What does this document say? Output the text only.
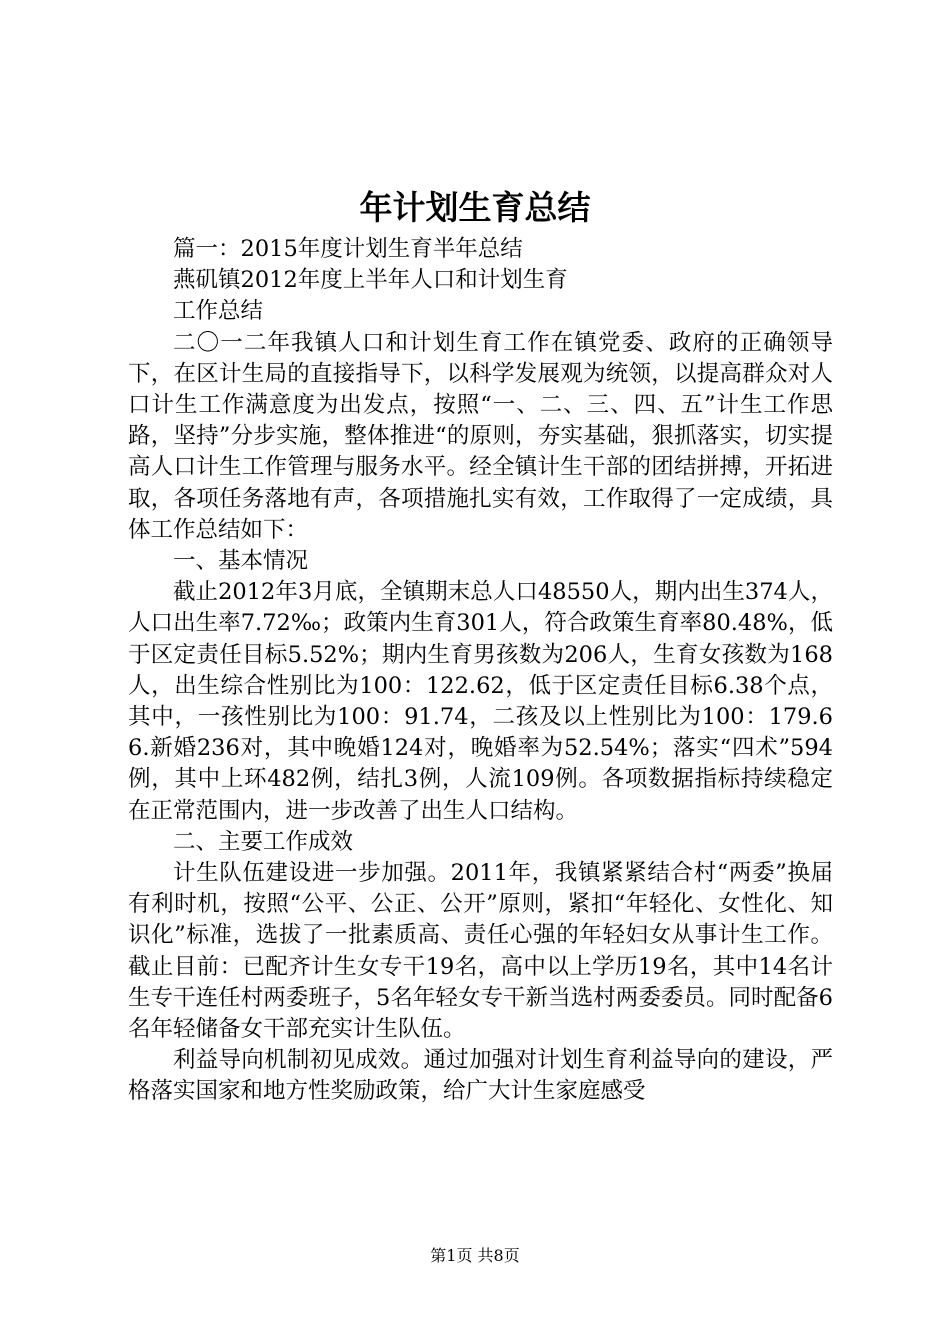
年计划生育总结

篇一：2015年度计划生育半年总结

燕矶镇2012年度上半年人口和计划生育

工作总结

二〇一二年我镇人口和计划生育工作在镇党委、政府的正确领导下，在区计生局的直接指导下，以科学发展观为统领，以提高群众对人口计生工作满意度为出发点，按照“一、二、三、四、五”计生工作思路，坚持”分步实施，整体推进“的原则，夯实基础，狠抓落实，切实提高人口计生工作管理与服务水平。经全镇计生干部的团结拼搏，开拓进取，各项任务落地有声，各项措施扎实有效，工作取得了一定成绩，具体工作总结如下：

一、基本情况

截止2012年3月底，全镇期末总人口48550人，期内出生374人，人口出生率7.72‰；政策内生育301人，符合政策生育率80.48%，低于区定责任目标5.52%；期内生育男孩数为206人，生育女孩数为168人，出生综合性别比为100：122.62，低于区定责任目标6.38个点，其中，一孩性别比为100：91.74，二孩及以上性别比为100：179.66.新婚236对，其中晚婚124对，晚婚率为52.54%；落实“四术”594例，其中上环482例，结扎3例，人流109例。各项数据指标持续稳定在正常范围内，进一步改善了出生人口结构。

二、主要工作成效

计生队伍建设进一步加强。2011年，我镇紧紧结合村“两委”换届有利时机，按照“公平、公正、公开”原则，紧扣“年轻化、女性化、知识化”标准，选拔了一批素质高、责任心强的年轻妇女从事计生工作。截止目前：已配齐计生女专干19名，高中以上学历19名，其中14名计生专干连任村两委班子，5名年轻女专干新当选村两委委员。同时配备6名年轻储备女干部充实计生队伍。

利益导向机制初见成效。通过加强对计划生育利益导向的建设，严格落实国家和地方性奖励政策，给广大计生家庭感受

第1页 共8页
